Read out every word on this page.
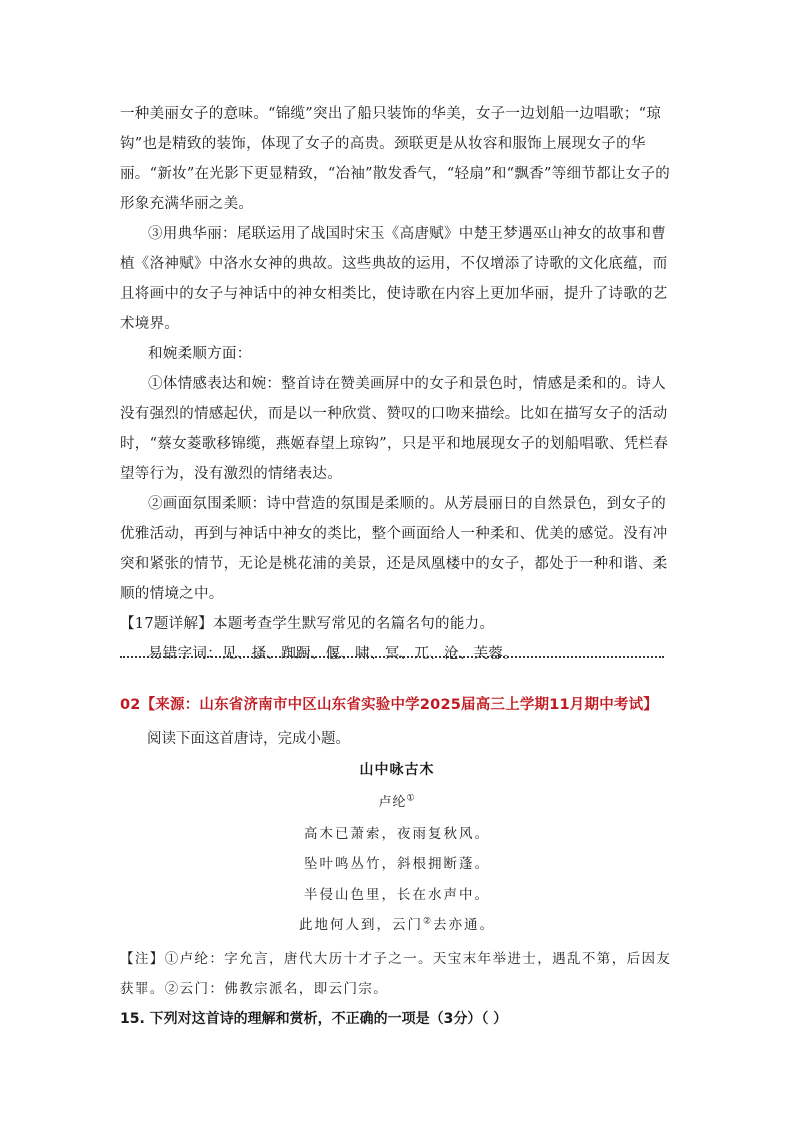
一种美丽女子的意味。“锦缆”突出了船只装饰的华美，女子一边划船一边唱歌；“琼钩”也是精致的装饰，体现了女子的高贵。颈联更是从妆容和服饰上展现女子的华丽。“新妆”在光影下更显精致，“冶袖”散发香气，“轻扇”和“飘香”等细节都让女子的形象充满华丽之美。

③用典华丽：尾联运用了战国时宋玉《高唐赋》中楚王梦遇巫山神女的故事和曹植《洛神赋》中洛水女神的典故。这些典故的运用，不仅增添了诗歌的文化底蕴，而且将画中的女子与神话中的神女相类比，使诗歌在内容上更加华丽，提升了诗歌的艺术境界。

和婉柔顺方面：

①体情感表达和婉：整首诗在赞美画屏中的女子和景色时，情感是柔和的。诗人没有强烈的情感起伏，而是以一种欣赏、赞叹的口吻来描绘。比如在描写女子的活动时，“蔡女菱歌移锦缆，燕姬春望上琼钩”，只是平和地展现女子的划船唱歌、凭栏春望等行为，没有激烈的情绪表达。

②画面氛围柔顺：诗中营造的氛围是柔顺的。从芳晨丽日的自然景色，到女子的优雅活动，再到与神话中神女的类比，整个画面给人一种柔和、优美的感觉。没有冲突和紧张的情节，无论是桃花浦的美景，还是凤凰楼中的女子，都处于一种和谐、柔顺的情境之中。

【17题详解】本题考查学生默写常见的名篇名句的能力。

易错字词：见、搔、踟蹰、偃、啸、冥、兀、沧、芙蓉。

02【来源：山东省济南市中区山东省实验中学2025届高三上学期11月期中考试】
阅读下面这首唐诗，完成小题。
山中咏古木
卢纶①
高木已萧索，夜雨复秋风。
坠叶鸣丛竹，斜根拥断蓬。
半侵山色里，长在水声中。
此地何人到，云门②去亦通。
【注】①卢纶：字允言，唐代大历十才子之一。天宝末年举进士，遇乱不第，后因友获罪。②云门：佛教宗派名，即云门宗。
15. 下列对这首诗的理解和赏析，不正确的一项是（3分）（ ）
